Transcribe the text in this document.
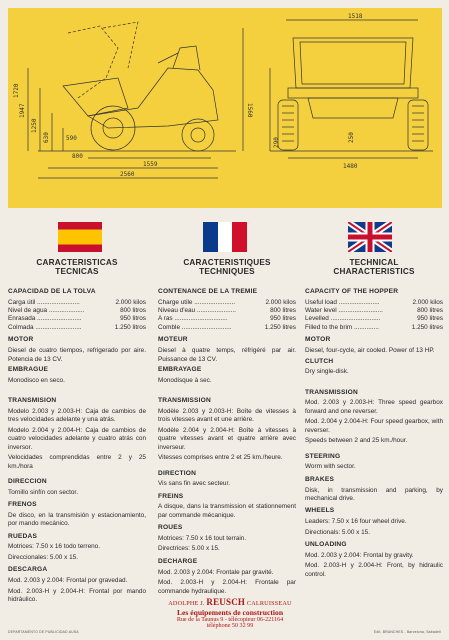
1518
1560
1480
1720
1947
1250
630	590	290
1559
2560
800
250
CARACTERISTICAS
TECNICAS
CAPACIDAD DE LA TOLVA
Carga útil ........................	2.000 kilos
Nivel de agua ....................	800 litros
Enrasada .........................	950 litros
Colmada ..........................	1.250 litros
MOTOR

Diesel de cuatro tiempos, refrigerado por aire. Potencia de 13 CV.

EMBRAGUE

Monodisco en seco.

TRANSMISION

Modelo 2.003 y 2.003-H: Caja de cambios de tres velocidades adelante y una atrás.

Modelo 2.004 y 2.004-H: Caja de cambios de cuatro velocidades adelante y cuatro atrás con inversor.

Velocidades comprendidas entre 2 y 25 km./hora

DIRECCION

Tornillo sinfín con sector.

FRENOS

De disco, en la transmisión y estacionamiento, por mando mecánico.

RUEDAS

Motrices: 7.50 x 16 todo terreno.

Direccionales: 5.00 x 15.

DESCARGA

Mod. 2.003 y 2.004: Frontal por gravedad.

Mod. 2.003-H y 2.004-H: Frontal por mando hidráulico.

CARACTERISTIQUES
TECHNIQUES
CONTENANCE DE LA TREMIE
Charge utile .......................	2.000 kilos
Niveau d'eau ......................	800 litres
A ras ..............................	950 litres
Comble ............................	1.250 litres
MOTEUR

Diesel à quatre temps, réfrigéré par air. Puissance de 13 CV.

EMBRAYAGE

Monodisque à sec.

TRANSMISSION

Modèle 2.003 y 2.003-H: Boîte de vitesses à trois vitesses avant et une arrière.

Modèle 2.004 y 2.004-H: Boîte à vitesses à quatre vitesses avant et quatre arrière avec inverseur.

Vitesses comprises entre 2 et 25 km./heure.

DIRECTION

Vis sans fin avec secteur.

FREINS

A disque, dans la transmission et stationnement par commande mécanique.

ROUES

Motrices: 7.50 x 16 tout terrain.

Directrices: 5.00 x 15.

DECHARGE

Mod. 2.003 y 2.004: Frontale par gravité.

Mod. 2.003-H y 2.004-H: Frontale par commande hydraulique.

TECHNICAL
CHARACTERISTICS
CAPACITY OF THE HOPPER
Useful load .......................	2.000 kilos
Water level .........................	800 litres
Levelled ............................	950 litres
Filled to the brim ..............	1.250 litres
MOTOR

Diesel, four-cycle, air cooled. Power of 13 HP.

CLUTCH

Dry single-disk.

TRANSMISSION

Mod. 2.003 y 2.003-H: Three speed gearbox forward and one reverser.

Mod. 2.004 y 2.004-H: Four speed gearbox, with reverser.

Speeds between 2 and 25 km./hour.

STEERING

Worm with sector.

BRAKES

Disk, in transmission and parking, by mechanical drive.

WHEELS

Leaders: 7.50 x 16 four wheel drive.

Directionals: 5.00 x 15.

UNLOADING

Mod. 2.003 y 2.004: Frontal by gravity.

Mod. 2.003-H y 2.004-H: Front, by hidraulic control.

ADOLPHE J. REUSCH CALRUISSEAU
Les équipements de construction
Rue de la Taunus 9 - télécopieur 06-221164
téléphone 50 32 99
DEPARTAMENTO DE PUBLICIDAD AUSA	Edit. BRANCHES - Barcelona, Sabadell
